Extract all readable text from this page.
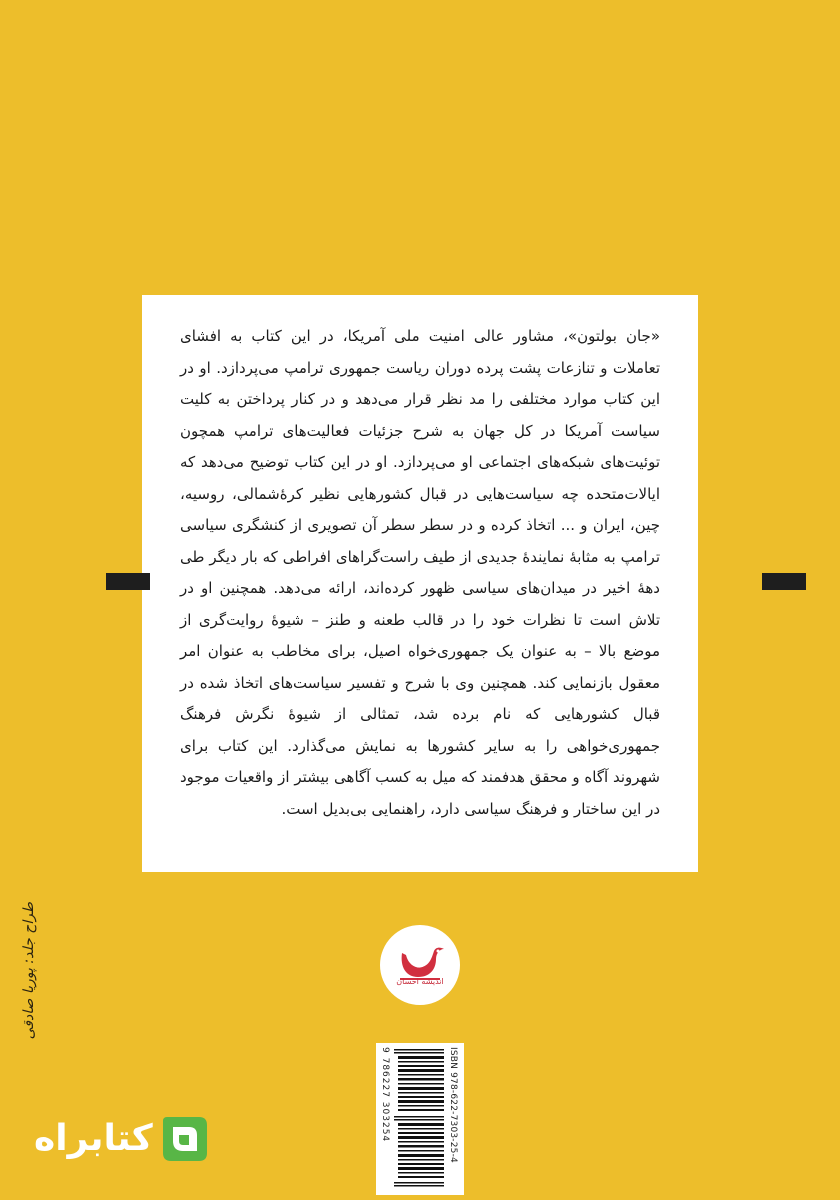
«جان بولتون»، مشاور عالی امنیت ملی آمریکا، در این کتاب به افشای تعاملات و تنازعات پشت پرده دوران ریاست جمهوری ترامپ می‌پردازد. او در این کتاب موارد مختلفی را مد نظر قرار می‌دهد و در کنار پرداختن به کلیت سیاست آمریکا در کل جهان به شرح جزئیات فعالیت‌های ترامپ همچون توئیت‌های شبکه‌های اجتماعی او می‌پردازد. او در این کتاب توضیح می‌دهد که ایالات‌متحده چه سیاست‌هایی در قبال کشورهایی نظیر کرهٔ‌شمالی، روسیه، چین، ایران و ... اتخاذ کرده و در سطر سطر آن تصویری از کنشگری سیاسی ترامپ به مثابهٔ نمایندهٔ جدیدی از طیف راست‌گراهای افراطی که بار دیگر طی دههٔ اخیر در میدان‌های سیاسی ظهور کرده‌اند، ارائه می‌دهد. همچنین او در تلاش است تا نظرات خود را در قالب طعنه و طنز – شیوهٔ روایت‌گری از موضع بالا – به عنوان یک جمهوری‌خواه اصیل، برای مخاطب به عنوان امر معقول بازنمایی کند. همچنین وی با شرح و تفسیر سیاست‌های اتخاذ شده در قبال کشورهایی که نام برده شد، تمثالی از شیوهٔ نگرش فرهنگ جمهوری‌خواهی را به سایر کشورها به نمایش می‌گذارد. این کتاب برای شهروند آگاه و محقق هدفمند که میل به کسب آگاهی بیشتر از واقعیات موجود در این ساختار و فرهنگ سیاسی دارد، راهنمایی بی‌بدیل است.

اندیشه احسان
ISBN 978-622-7303-25-4
9 786227 303254
طراح جلد: پوریا صادقی
کتابراه
